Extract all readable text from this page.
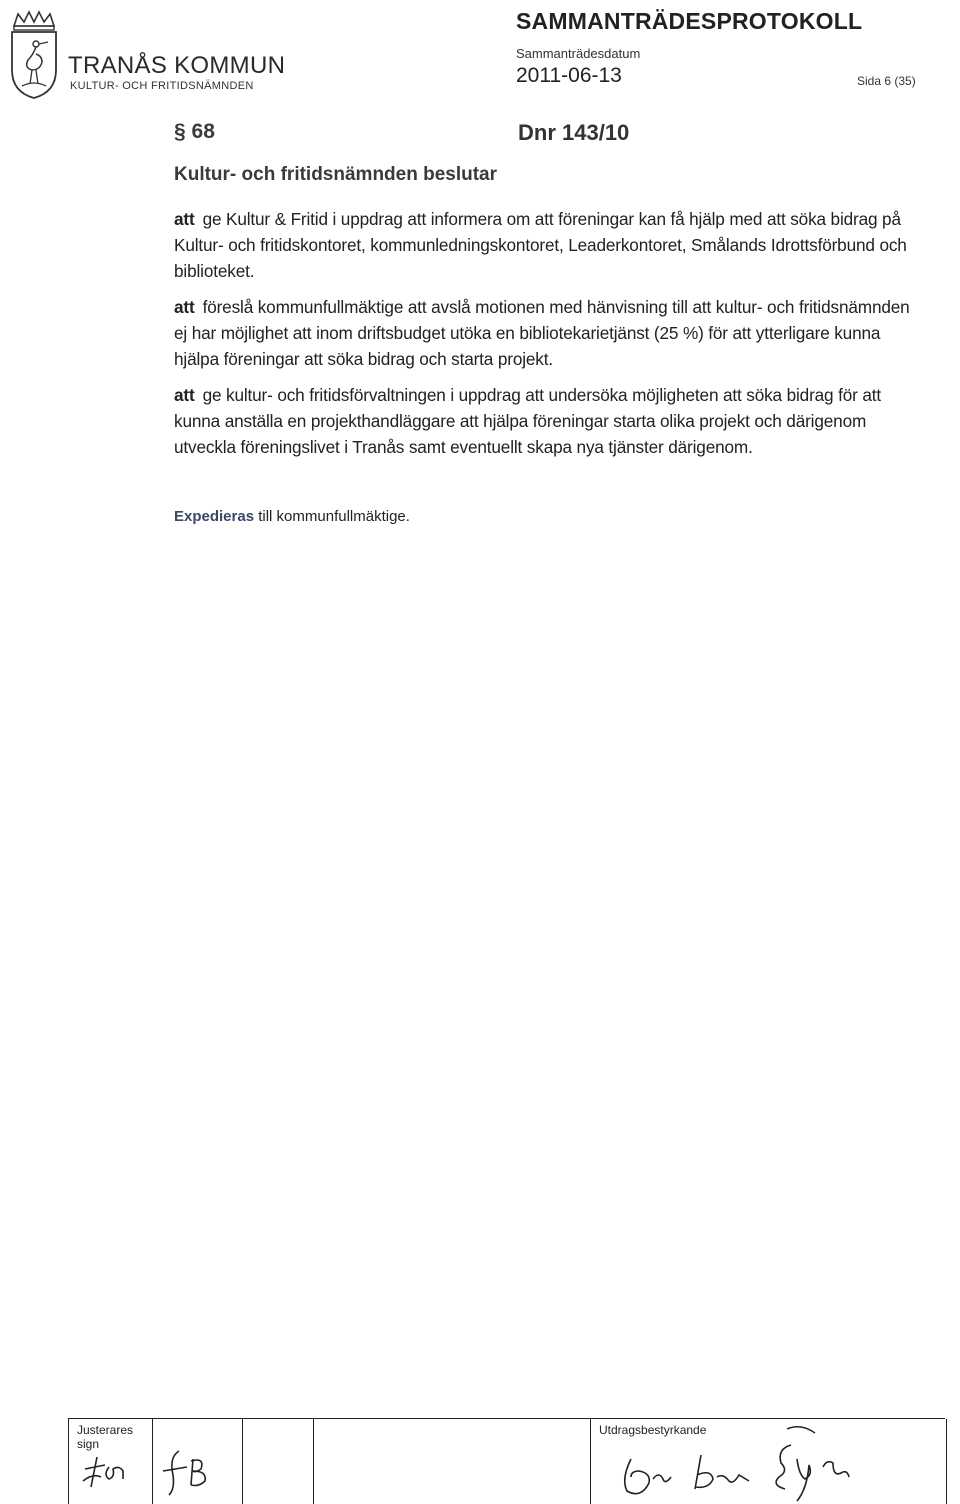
TRANÅS KOMMUN
KULTUR- OCH FRITIDSNÄMNDEN
SAMMANTRÄDESPROTOKOLL
Sammanträdesdatum
2011-06-13	Sida 6 (35)
§ 68	Dnr 143/10
Kultur- och fritidsnämnden beslutar
att ge Kultur & Fritid i uppdrag att informera om att föreningar kan få hjälp med att söka bidrag på Kultur- och fritidskontoret, kommunledningskontoret, Leaderkontoret, Smålands Idrottsförbund och biblioteket.
att föreslå kommunfullmäktige att avslå motionen med hänvisning till att kultur- och fritidsnämnden ej har möjlighet att inom driftsbudget utöka en bibliotekarietjänst (25 %) för att ytterligare kunna hjälpa föreningar att söka bidrag och starta projekt.
att ge kultur- och fritidsförvaltningen i uppdrag att undersöka möjligheten att söka bidrag för att kunna anställa en projekthandläggare att hjälpa föreningar starta olika projekt och därigenom utveckla föreningslivet i Tranås samt eventuellt skapa nya tjänster därigenom.
Expedieras till kommunfullmäktige.
Justerares sign
Utdragsbestyrkande
